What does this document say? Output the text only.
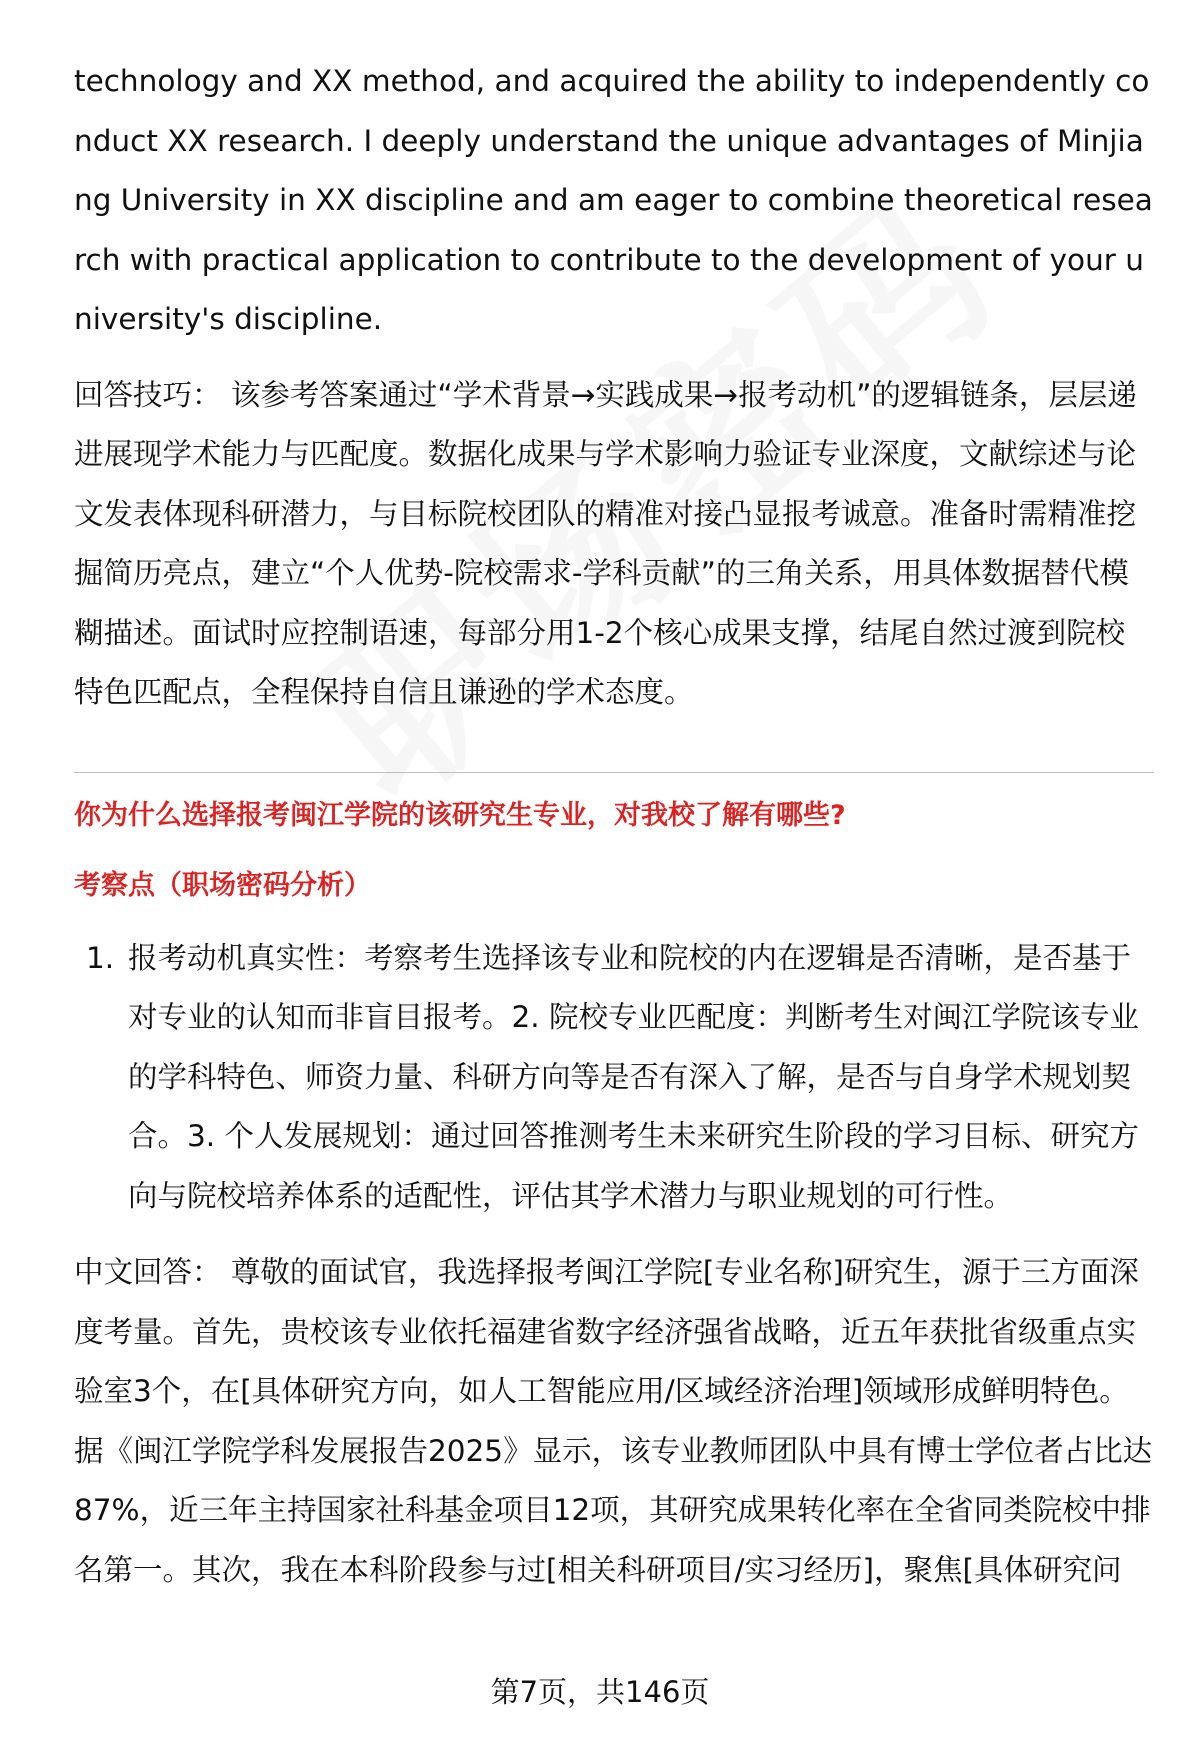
technology and XX method, and acquired the ability to independently conduct XX research. I deeply understand the unique advantages of Minjiang University in XX discipline and am eager to combine theoretical research with practical application to contribute to the development of your university's discipline.

回答技巧： 该参考答案通过“学术背景→实践成果→报考动机”的逻辑链条，层层递进展现学术能力与匹配度。数据化成果与学术影响力验证专业深度，文献综述与论文发表体现科研潜力，与目标院校团队的精准对接凸显报考诚意。准备时需精准挖掘简历亮点，建立“个人优势-院校需求-学科贡献”的三角关系，用具体数据替代模糊描述。面试时应控制语速，每部分用1-2个核心成果支撑，结尾自然过渡到院校特色匹配点，全程保持自信且谦逊的学术态度。

你为什么选择报考闽江学院的该研究生专业，对我校了解有哪些?
考察点（职场密码分析）
1. 报考动机真实性：考察考生选择该专业和院校的内在逻辑是否清晰，是否基于对专业的认知而非盲目报考。2. 院校专业匹配度：判断考生对闽江学院该专业的学科特色、师资力量、科研方向等是否有深入了解，是否与自身学术规划契合。3. 个人发展规划：通过回答推测考生未来研究生阶段的学习目标、研究方向与院校培养体系的适配性，评估其学术潜力与职业规划的可行性。

中文回答： 尊敬的面试官，我选择报考闽江学院[专业名称]研究生，源于三方面深度考量。首先，贵校该专业依托福建省数字经济强省战略，近五年获批省级重点实验室3个，在[具体研究方向，如人工智能应用/区域经济治理]领域形成鲜明特色。据《闽江学院学科发展报告2025》显示，该专业教师团队中具有博士学位者占比达87%，近三年主持国家社科基金项目12项，其研究成果转化率在全省同类院校中排名第一。其次，我在本科阶段参与过[相关科研项目/实习经历]，聚焦[具体研究问

第7页，共146页
